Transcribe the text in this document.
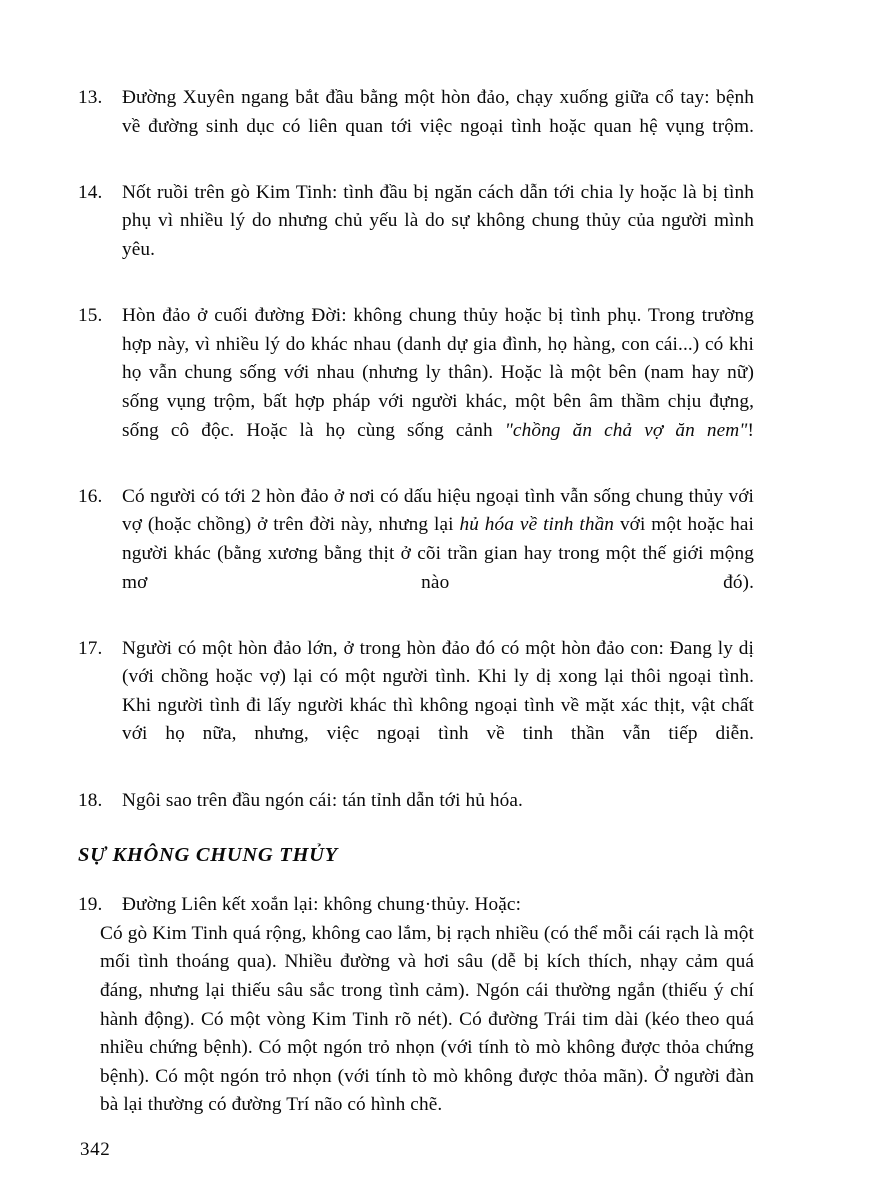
13.	Đường Xuyên ngang bắt đầu bằng một hòn đảo, chạy xuống giữa cổ tay: bệnh về đường sinh dục có liên quan tới việc ngoại tình hoặc quan hệ vụng trộm.

14.	Nốt ruồi trên gò Kim Tinh: tình đầu bị ngăn cách dẫn tới chia ly hoặc là bị tình phụ vì nhiều lý do nhưng chủ yếu là do sự không chung thủy của người mình yêu.

15.	Hòn đảo ở cuối đường Đời: không chung thủy hoặc bị tình phụ. Trong trường hợp này, vì nhiều lý do khác nhau (danh dự gia đình, họ hàng, con cái...) có khi họ vẫn chung sống với nhau (nhưng ly thân). Hoặc là một bên (nam hay nữ) sống vụng trộm, bất hợp pháp với người khác, một bên âm thầm chịu đựng, sống cô độc. Hoặc là họ cùng sống cảnh "chồng ăn chả vợ ăn nem"!

16.	Có người có tới 2 hòn đảo ở nơi có dấu hiệu ngoại tình vẫn sống chung thủy với vợ (hoặc chồng) ở trên đời này, nhưng lại hủ hóa về tinh thần với một hoặc hai người khác (bằng xương bằng thịt ở cõi trần gian hay trong một thế giới mộng mơ nào đó).

17.	Người có một hòn đảo lớn, ở trong hòn đảo đó có một hòn đảo con: Đang ly dị (với chồng hoặc vợ) lại có một người tình. Khi ly dị xong lại thôi ngoại tình. Khi người tình đi lấy người khác thì không ngoại tình về mặt xác thịt, vật chất với họ nữa, nhưng, việc ngoại tình về tinh thần vẫn tiếp diễn.

18.	Ngôi sao trên đầu ngón cái: tán tỉnh dẫn tới hủ hóa.

SỰ KHÔNG CHUNG THỦY
19.	Đường Liên kết xoắn lại: không chung·thủy. Hoặc:
Có gò Kim Tinh quá rộng, không cao lắm, bị rạch nhiều (có thể mỗi cái rạch là một mối tình thoáng qua). Nhiều đường và hơi sâu (dễ bị kích thích, nhạy cảm quá đáng, nhưng lại thiếu sâu sắc trong tình cảm). Ngón cái thường ngắn (thiếu ý chí hành động). Có một vòng Kim Tinh rõ nét). Có đường Trái tim dài (kéo theo quá nhiều chứng bệnh). Có một ngón trỏ nhọn (với tính tò mò không được thỏa chứng bệnh). Có một ngón trỏ nhọn (với tính tò mò không được thỏa mãn). Ở người đàn bà lại thường có đường Trí não có hình chẽ.
342
